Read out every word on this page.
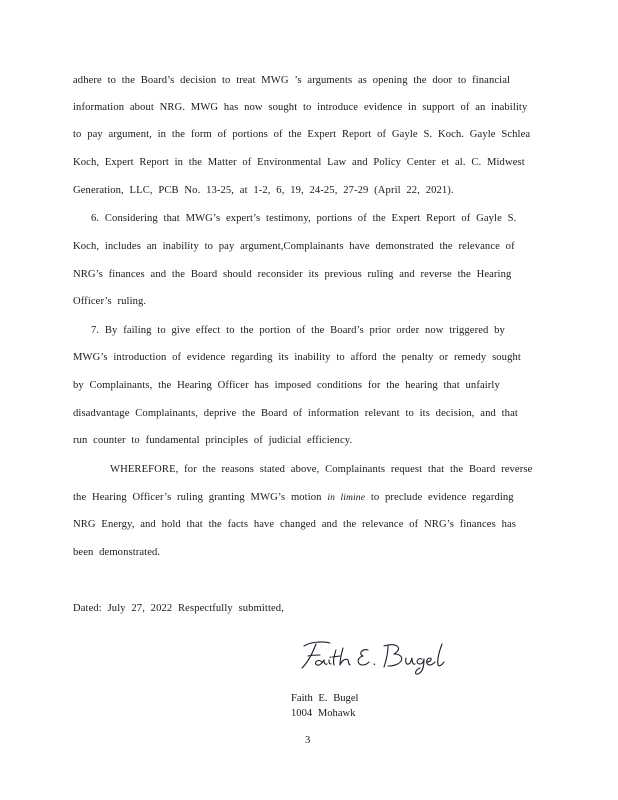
adhere to the Board’s decision to treat MWG ’s arguments as opening the door to financial
information about NRG. MWG has now sought to introduce evidence in support of an inability
to pay argument, in the form of portions of the Expert Report of Gayle S. Koch. Gayle Schlea
Koch, Expert Report in the Matter of Environmental Law and Policy Center et al. C. Midwest
Generation, LLC, PCB No. 13-25, at 1-2, 6, 19, 24-25, 27-29 (April 22, 2021).
6. Considering that MWG’s expert’s testimony, portions of the Expert Report of Gayle S.
Koch, includes an inability to pay argument,Complainants have demonstrated the relevance of
NRG’s finances and the Board should reconsider its previous ruling and reverse the Hearing
Officer’s ruling.
7. By failing to give effect to the portion of the Board’s prior order now triggered by
MWG’s introduction of evidence regarding its inability to afford the penalty or remedy sought
by Complainants, the Hearing Officer has imposed conditions for the hearing that unfairly
disadvantage Complainants, deprive the Board of information relevant to its decision, and that
run counter to fundamental principles of judicial efficiency.
WHEREFORE, for the reasons stated above, Complainants request that the Board reverse
the Hearing Officer’s ruling granting MWG’s motion in limine to preclude evidence regarding
NRG Energy, and hold that the facts have changed and the relevance of NRG’s finances has
been demonstrated.
Dated: July 27, 2022 Respectfully submitted,
Faith E. Bugel
1004 Mohawk
3
